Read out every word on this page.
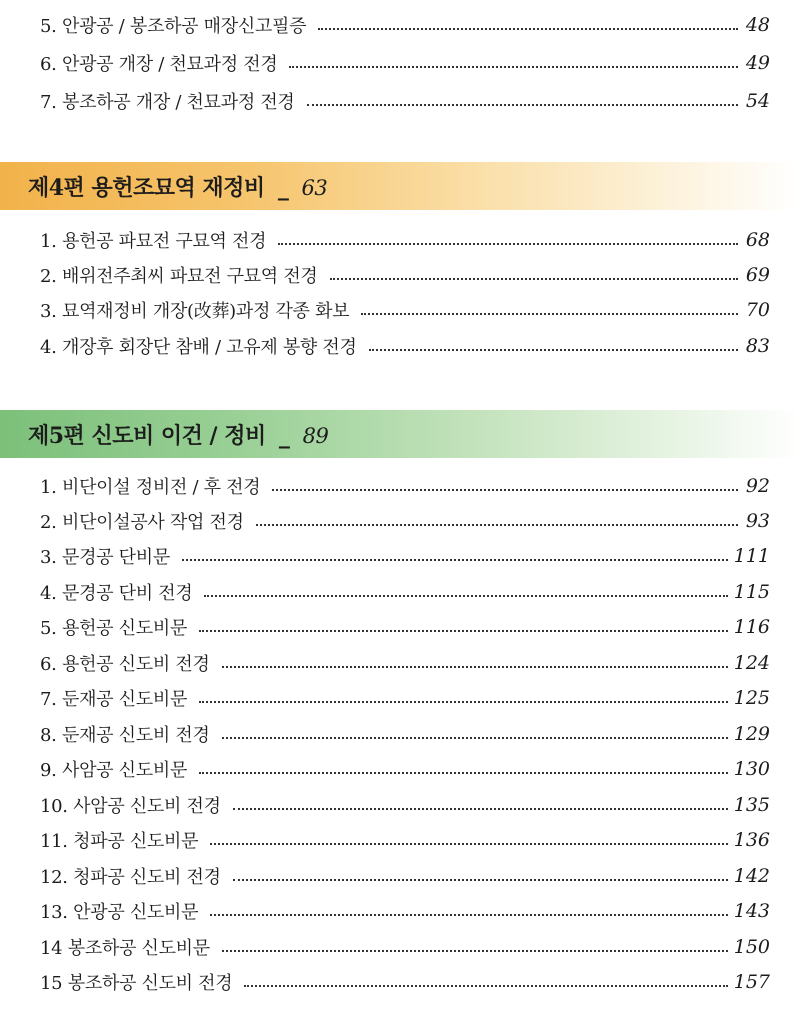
5. 안광공 / 봉조하공 매장신고필증	48
6. 안광공 개장 / 천묘과정 전경	49
7. 봉조하공 개장 / 천묘과정 전경	54
제4편 용헌조묘역 재정비 _ 63
1. 용헌공 파묘전 구묘역 전경	68
2. 배위전주최씨 파묘전 구묘역 전경	69
3. 묘역재정비 개장(改葬)과정 각종 화보	70
4. 개장후 회장단 참배 / 고유제 봉향 전경	83
제5편 신도비 이건 / 정비 _ 89
1. 비단이설 정비전 / 후 전경	92
2. 비단이설공사 작업 전경	93
3. 문경공 단비문	111
4. 문경공 단비 전경	115
5. 용헌공 신도비문	116
6. 용헌공 신도비 전경	124
7. 둔재공 신도비문	125
8. 둔재공 신도비 전경	129
9. 사암공 신도비문	130
10. 사암공 신도비 전경	135
11. 청파공 신도비문	136
12. 청파공 신도비 전경	142
13. 안광공 신도비문	143
14 봉조하공 신도비문	150
15 봉조하공 신도비 전경	157
